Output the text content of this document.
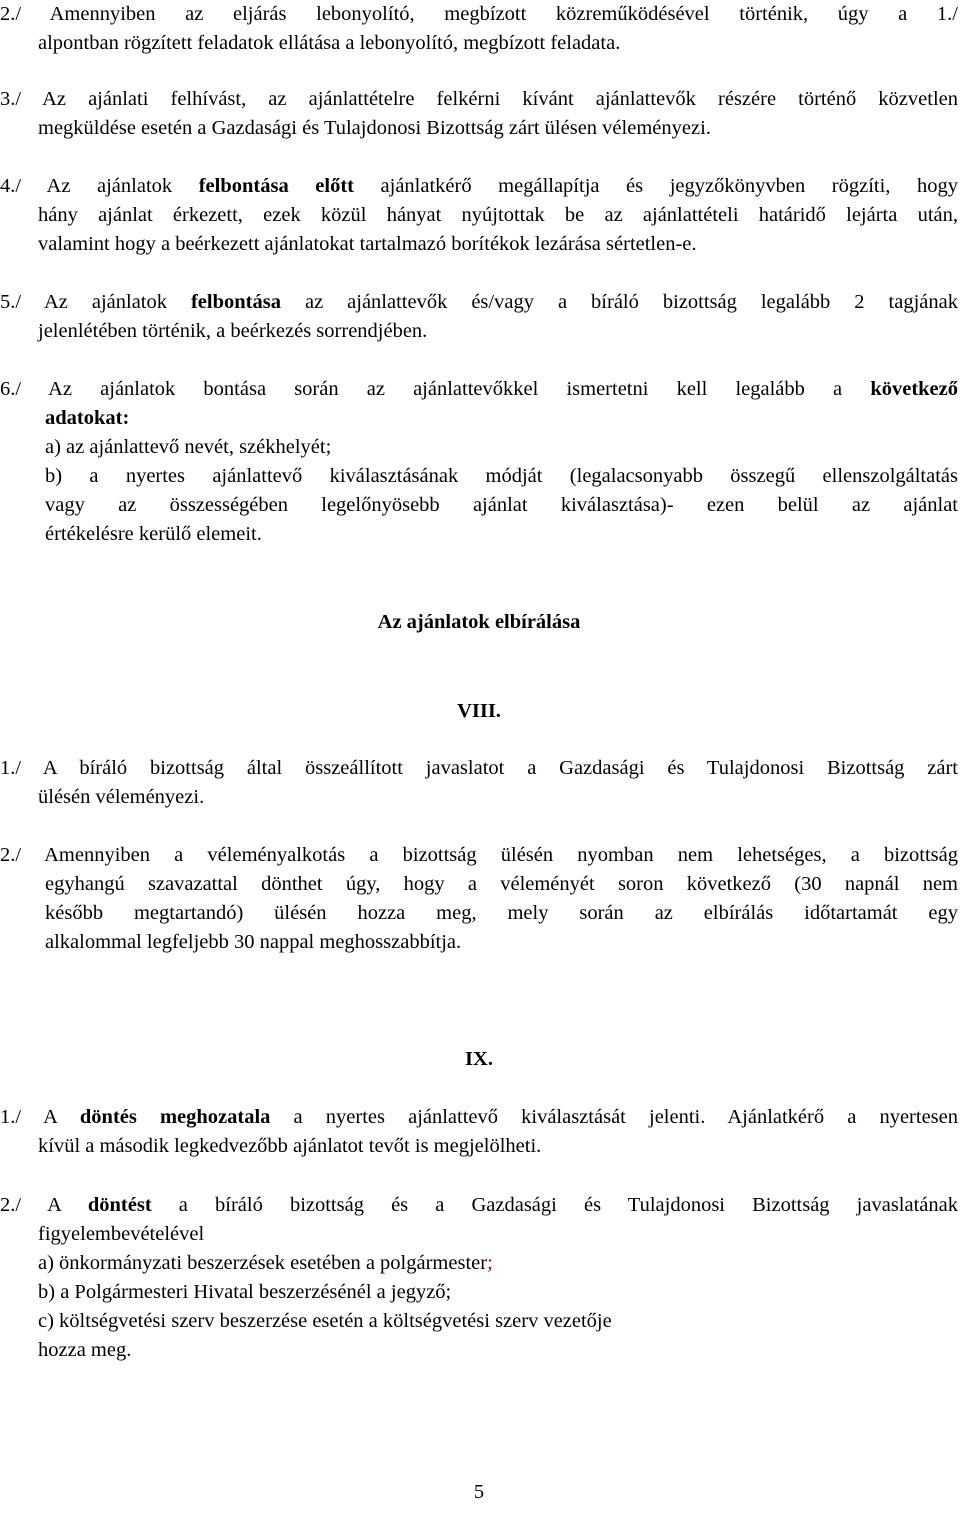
2./ Amennyiben az eljárás lebonyolító, megbízott közreműködésével történik, úgy a 1./
alpontban rögzített feladatok ellátása a lebonyolító, megbízott feladata.
3./ Az ajánlati felhívást, az ajánlattételre felkérni kívánt ajánlattevők részére történő közvetlen
megküldése esetén a Gazdasági és Tulajdonosi Bizottság zárt ülésen véleményezi.
4./ Az ajánlatok felbontása előtt ajánlatkérő megállapítja és jegyzőkönyvben rögzíti, hogy
hány ajánlat érkezett, ezek közül hányat nyújtottak be az ajánlattételi határidő lejárta után,
valamint hogy a beérkezett ajánlatokat tartalmazó borítékok lezárása sértetlen-e.
5./ Az ajánlatok felbontása az ajánlattevők és/vagy a bíráló bizottság legalább 2 tagjának
jelenlétében történik, a beérkezés sorrendjében.
6./ Az ajánlatok bontása során az ajánlattevőkkel ismertetni kell legalább a következő
adatokat:
a) az ajánlattevő nevét, székhelyét;
b) a nyertes ajánlattevő kiválasztásának módját (legalacsonyabb összegű ellenszolgáltatás
vagy az összességében legelőnyösebb ajánlat kiválasztása)- ezen belül az ajánlat
értékelésre kerülő elemeit.
Az ajánlatok elbírálása
VIII.
1./ A bíráló bizottság által összeállított javaslatot a Gazdasági és Tulajdonosi Bizottság zárt
ülésén véleményezi.
2./ Amennyiben a véleményalkotás a bizottság ülésén nyomban nem lehetséges, a bizottság
egyhangú szavazattal dönthet úgy, hogy a véleményét soron következő (30 napnál nem
később megtartandó) ülésén hozza meg, mely során az elbírálás időtartamát egy
alkalommal legfeljebb 30 nappal meghosszabbítja.
IX.
1./ A döntés meghozatala a nyertes ajánlattevő kiválasztását jelenti. Ajánlatkérő a nyertesen
kívül a második legkedvezőbb ajánlatot tevőt is megjelölheti.
2./ A döntést a bíráló bizottság és a Gazdasági és Tulajdonosi Bizottság javaslatának
figyelembevételével
a) önkormányzati beszerzések esetében a polgármester;
b) a Polgármesteri Hivatal beszerzésénél a jegyző;
c) költségvetési szerv beszerzése esetén a költségvetési szerv vezetője
hozza meg.
5
